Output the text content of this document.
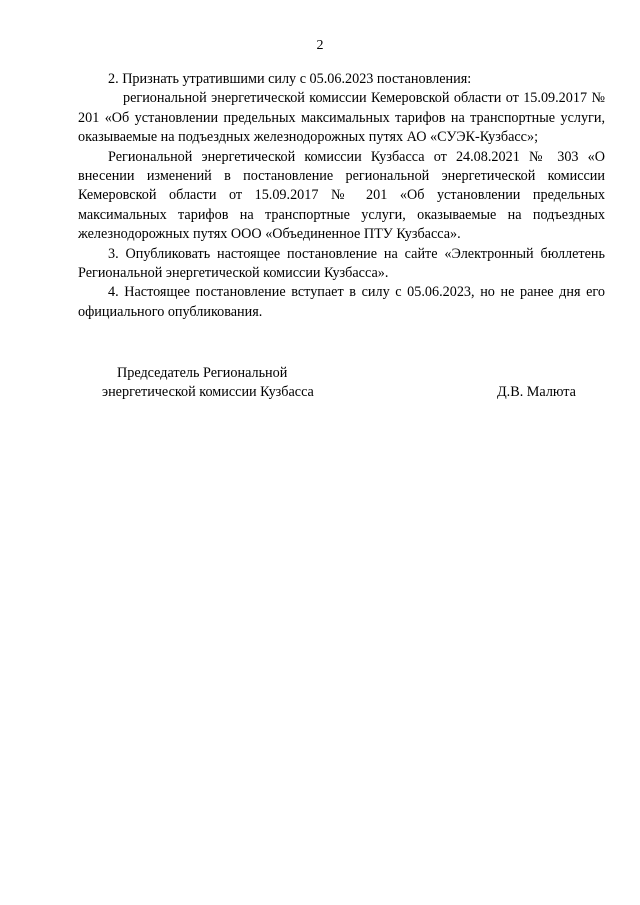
2

2. Признать утратившими силу с 05.06.2023 постановления:

региональной энергетической комиссии Кемеровской области от 15.09.2017 № 201 «Об установлении предельных максимальных тарифов на транспортные услуги, оказываемые на подъездных железнодорожных путях АО «СУЭК-Кузбасс»;

Региональной энергетической комиссии Кузбасса от 24.08.2021 № 303 «О внесении изменений в постановление региональной энергетической комиссии Кемеровской области от 15.09.2017 № 201 «Об установлении предельных максимальных тарифов на транспортные услуги, оказываемые на подъездных железнодорожных путях ООО «Объединенное ПТУ Кузбасса».

3. Опубликовать настоящее постановление на сайте «Электронный бюллетень Региональной энергетической комиссии Кузбасса».

4. Настоящее постановление вступает в силу с 05.06.2023, но не ранее дня его официального опубликования.

Председатель Региональной
энергетической комиссии Кузбасса	Д.В. Малюта
